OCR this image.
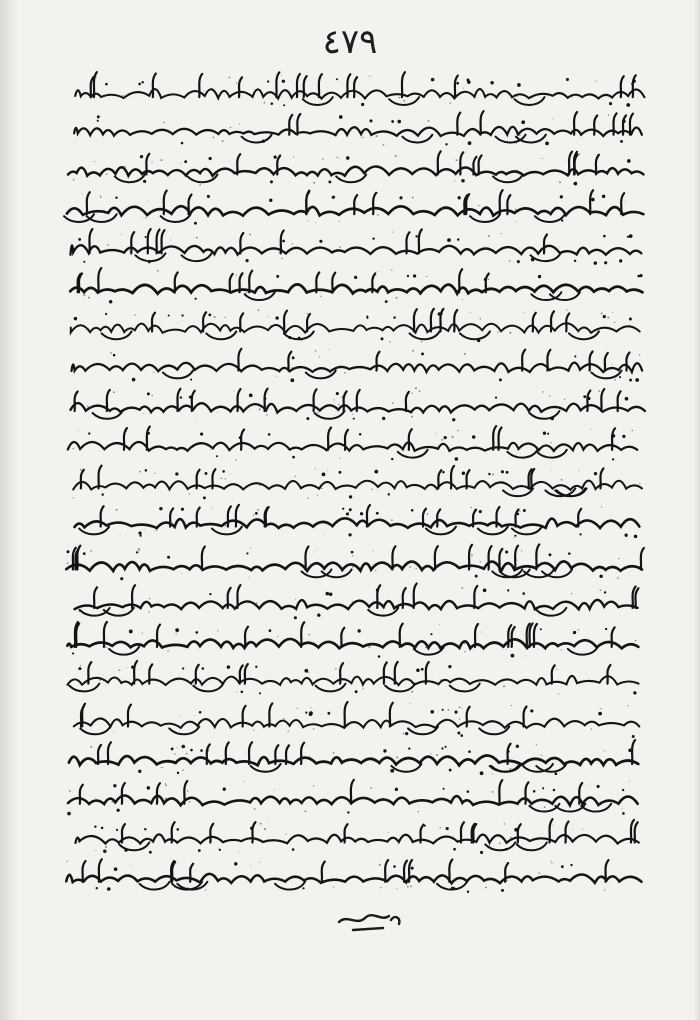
٤٧٩
